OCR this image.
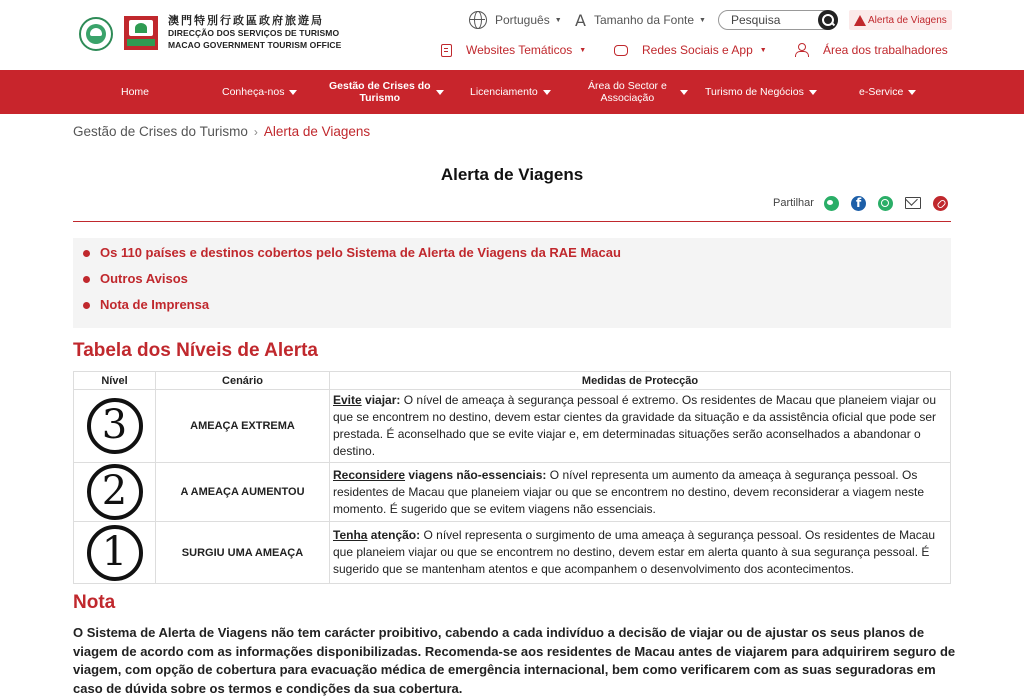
澳門特別行政區政府旅遊局
DIRECÇÃO DOS SERVIÇOS DE TURISMO
MACAO GOVERNMENT TOURISM OFFICE
Português ▼ A Tamanho da Fonte ▼
Pesquisa	Alerta de Viagens
Websites Temáticos ▼	Redes Sociais e App ▼	Área dos trabalhadores
Home	Conheça-nos	Gestão de Crises do
Turismo	Licenciamento	Área do Sector e
Associação	Turismo de Negócios	e-Service
Gestão de Crises do Turismo › Alerta de Viagens
Alerta de Viagens
Partilhar
f
Os 110 países e destinos cobertos pelo Sistema de Alerta de Viagens da RAE Macau
Outros Avisos
Nota de Imprensa
Tabela dos Níveis de Alerta
Nível	Cenário	Medidas de Protecção
3	AMEAÇA EXTREMA	Evite viajar: O nível de ameaça à segurança pessoal é extremo. Os residentes de Macau que planeiem viajar ou que se encontrem no destino, devem estar cientes da gravidade da situação e da assistência oficial que pode ser prestada. É aconselhado que se evite viajar e, em determinadas situações serão aconselhados a abandonar o destino.
2	A AMEAÇA AUMENTOU	Reconsidere viagens não-essenciais: O nível representa um aumento da ameaça à segurança pessoal. Os residentes de Macau que planeiem viajar ou que se encontrem no destino, devem reconsiderar a viagem neste momento. É sugerido que se evitem viagens não essenciais.
1	SURGIU UMA AMEAÇA	Tenha atenção: O nível representa o surgimento de uma ameaça à segurança pessoal. Os residentes de Macau que planeiem viajar ou que se encontrem no destino, devem estar em alerta quanto à sua segurança pessoal. É sugerido que se mantenham atentos e que acompanhem o desenvolvimento dos acontecimentos.
Nota
O Sistema de Alerta de Viagens não tem carácter proibitivo, cabendo a cada indivíduo a decisão de viajar ou de ajustar os seus planos de viagem de acordo com as informações disponibilizadas. Recomenda-se aos residentes de Macau antes de viajarem para adquirirem seguro de viagem, com opção de cobertura para evacuação médica de emergência internacional, bem como verificarem com as suas seguradoras em caso de dúvida sobre os termos e condições da sua cobertura.
